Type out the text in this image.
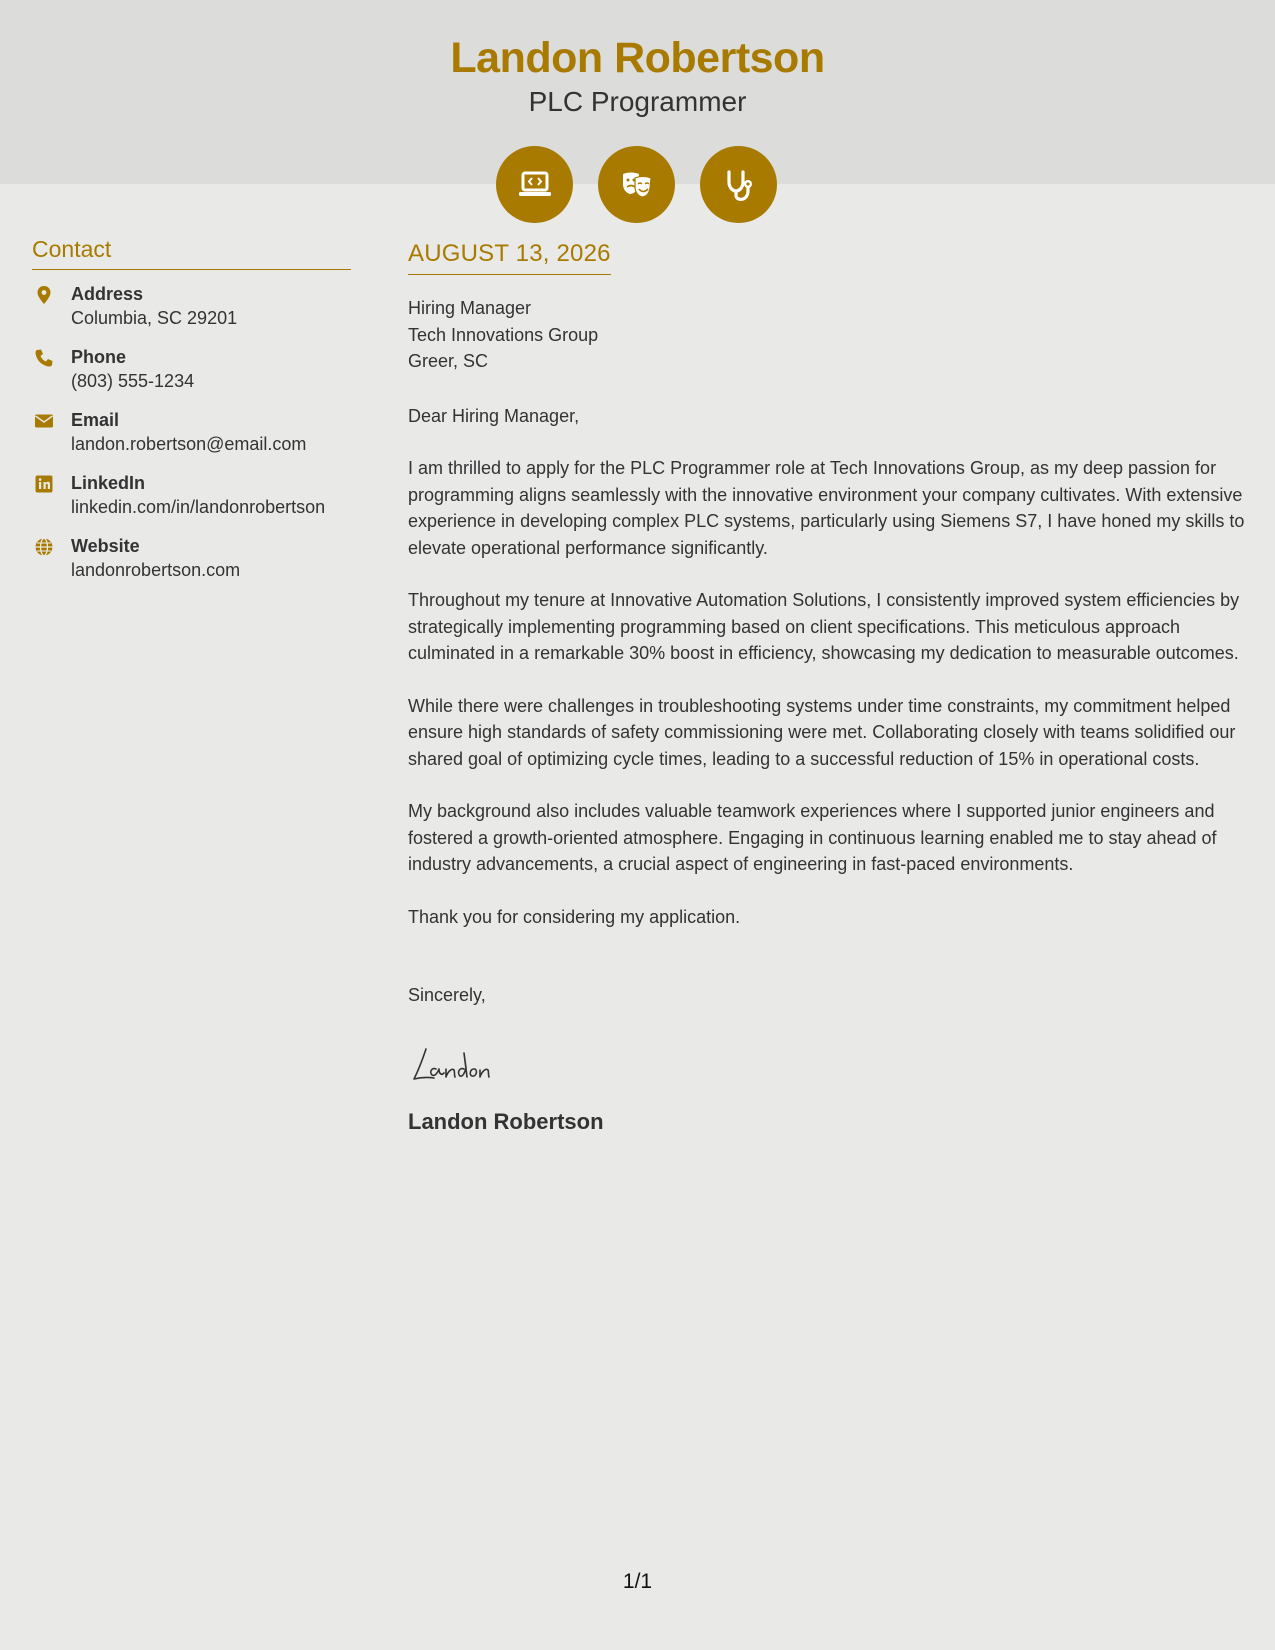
Landon Robertson
PLC Programmer
Contact
Address
Columbia, SC 29201
Phone
(803) 555-1234
Email
landon.robertson@email.com
LinkedIn
linkedin.com/in/landonrobertson
Website
landonrobertson.com
AUGUST 13, 2026
Hiring Manager
Tech Innovations Group
Greer, SC

Dear Hiring Manager,

I am thrilled to apply for the PLC Programmer role at Tech Innovations Group, as my deep passion for programming aligns seamlessly with the innovative environment your company cultivates. With extensive experience in developing complex PLC systems, particularly using Siemens S7, I have honed my skills to elevate operational performance significantly.

Throughout my tenure at Innovative Automation Solutions, I consistently improved system efficiencies by strategically implementing programming based on client specifications. This meticulous approach culminated in a remarkable 30% boost in efficiency, showcasing my dedication to measurable outcomes.

While there were challenges in troubleshooting systems under time constraints, my commitment helped ensure high standards of safety commissioning were met. Collaborating closely with teams solidified our shared goal of optimizing cycle times, leading to a successful reduction of 15% in operational costs.

My background also includes valuable teamwork experiences where I supported junior engineers and fostered a growth-oriented atmosphere. Engaging in continuous learning enabled me to stay ahead of industry advancements, a crucial aspect of engineering in fast-paced environments.

Thank you for considering my application.

Sincerely,

Landon Robertson
1/1
